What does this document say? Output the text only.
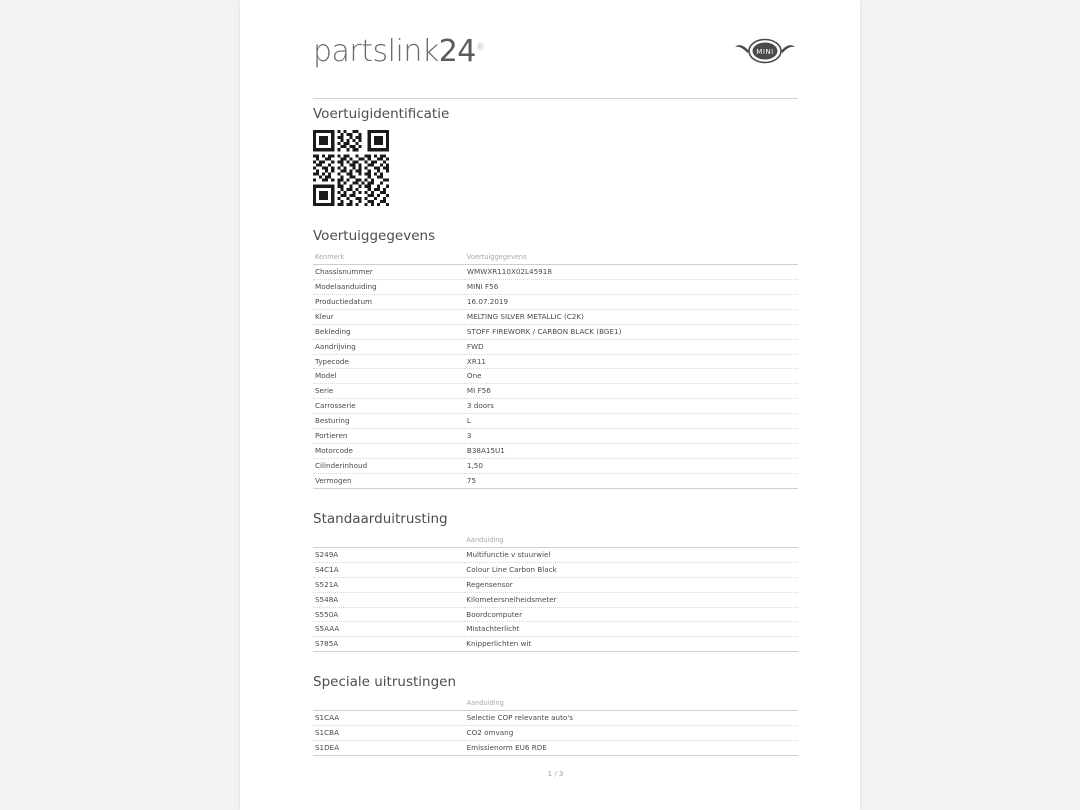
partslink24®	MINI
Voertuigidentificatie
Voertuiggegevens
Kenmerk	Voertuiggegevens
Chassisnummer	WMWXR110X02L45918
Modelaanduiding	MINI F56
Productiedatum	16.07.2019
Kleur	MELTING SILVER METALLIC (C2K)
Bekleding	STOFF FIREWORK / CARBON BLACK (BGE1)
Aandrijving	FWD
Typecode	XR11
Model	One
Serie	MI F56
Carrosserie	3 doors
Besturing	L
Portieren	3
Motorcode	B38A15U1
Cilinderinhoud	1,50
Vermogen	75
Standaarduitrusting
	Aanduiding
S249A	Multifunctie v stuurwiel
S4C1A	Colour Line Carbon Black
S521A	Regensensor
S548A	Kilometersnelheidsmeter
S550A	Boordcomputer
S5AAA	Mistachterlicht
S785A	Knipperlichten wit
Speciale uitrustingen
	Aanduiding
S1CAA	Selectie COP relevante auto's
S1CBA	CO2 omvang
S1DEA	Emissienorm EU6 RDE
1 / 3
